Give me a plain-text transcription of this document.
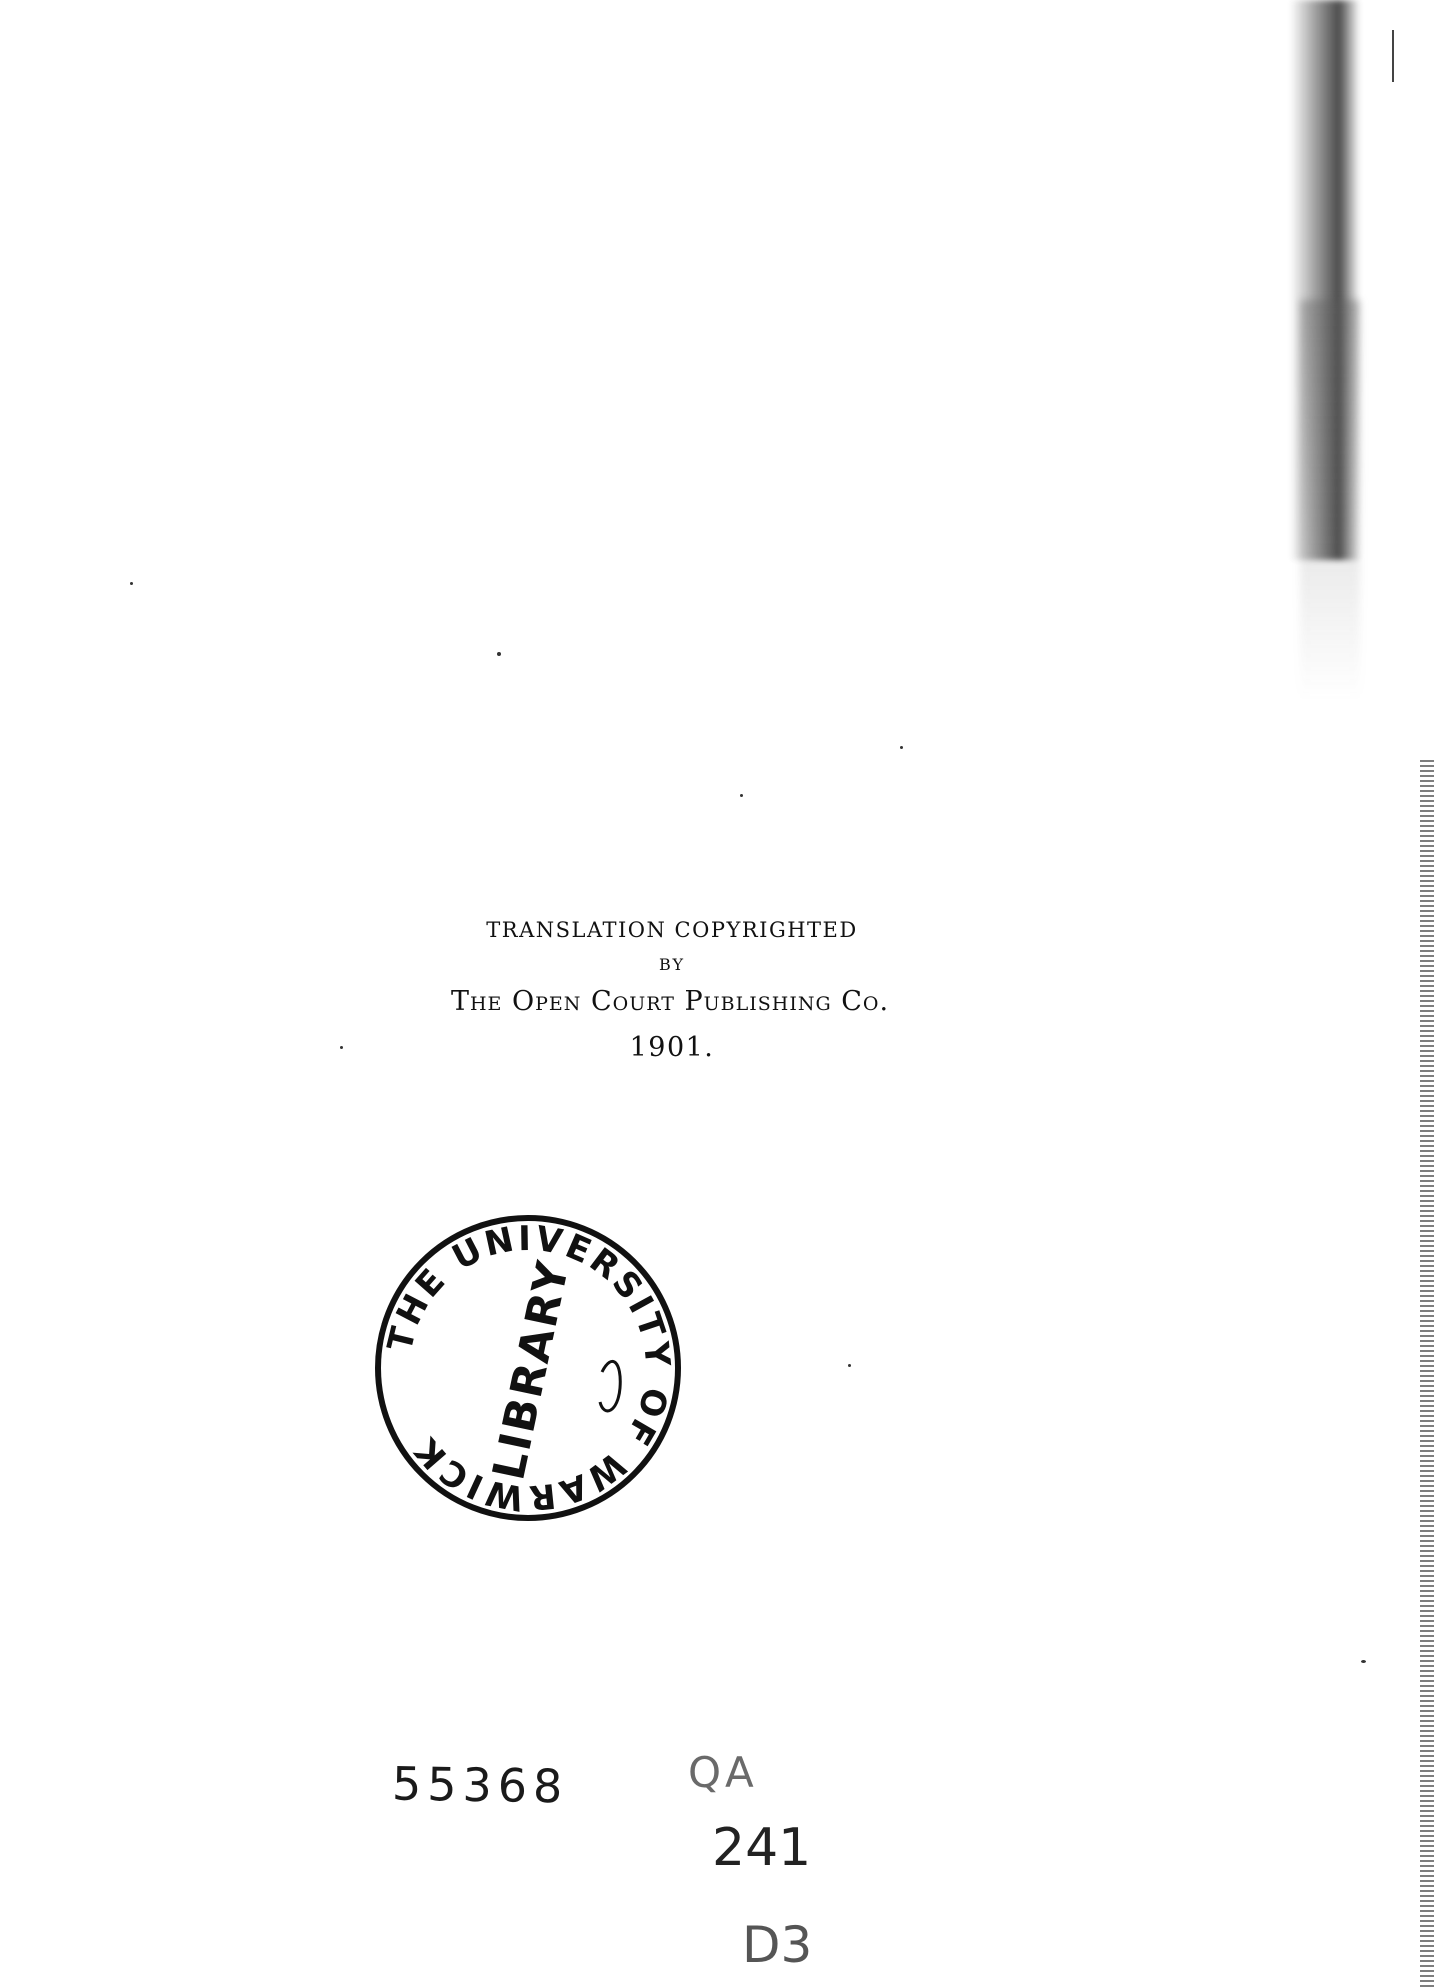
TRANSLATION COPYRIGHTED
BY
The Open Court Publishing Co.
1901.
THE UNIVERSITY OF WARWICK LIBRARY
55368	QA
241
D3
